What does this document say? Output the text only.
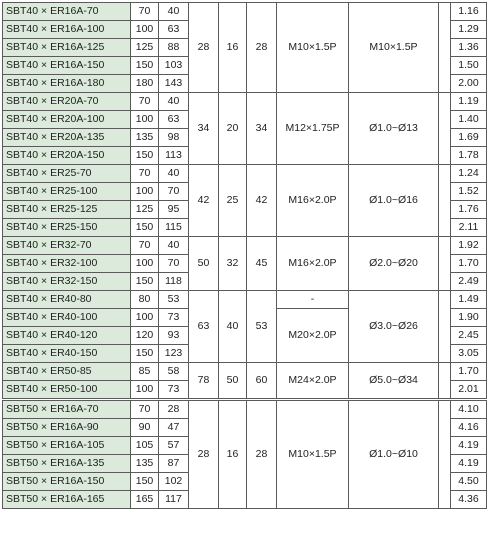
SBT40 × ER16A-70	70	40	28	16	28	M10×1.5P	M10×1.5P		1.16
SBT40 × ER16A-100	100	63							1.29
SBT40 × ER16A-125	125	88							1.36
SBT40 × ER16A-150	150	103							1.50
SBT40 × ER16A-180	180	143							2.00
SBT40 × ER20A-70	70	40	34	20	34	M12×1.75P	Ø1.0~Ø13		1.19
SBT40 × ER20A-100	100	63							1.40
SBT40 × ER20A-135	135	98							1.69
SBT40 × ER20A-150	150	113							1.78
SBT40 × ER25-70	70	40	42	25	42	M16×2.0P	Ø1.0~Ø16		1.24
SBT40 × ER25-100	100	70							1.52
SBT40 × ER25-125	125	95							1.76
SBT40 × ER25-150	150	115							2.11
SBT40 × ER32-70	70	40	50	32	45	M16×2.0P	Ø2.0~Ø20		1.92
SBT40 × ER32-100	100	70							1.70
SBT40 × ER32-150	150	118							2.49
SBT40 × ER40-80	80	53	63	40	53	-	Ø3.0~Ø26		1.49
SBT40 × ER40-100	100	73				M20×2.0P			1.90
SBT40 × ER40-120	120	93							2.45
SBT40 × ER40-150	150	123							3.05
SBT40 × ER50-85	85	58	78	50	60	M24×2.0P	Ø5.0~Ø34		1.70
SBT40 × ER50-100	100	73							2.01
SBT50 × ER16A-70	70	28	28	16	28	M10×1.5P	Ø1.0~Ø10		4.10
SBT50 × ER16A-90	90	47							4.16
SBT50 × ER16A-105	105	57							4.19
SBT50 × ER16A-135	135	87							4.19
SBT50 × ER16A-150	150	102							4.50
SBT50 × ER16A-165	165	117							4.36
